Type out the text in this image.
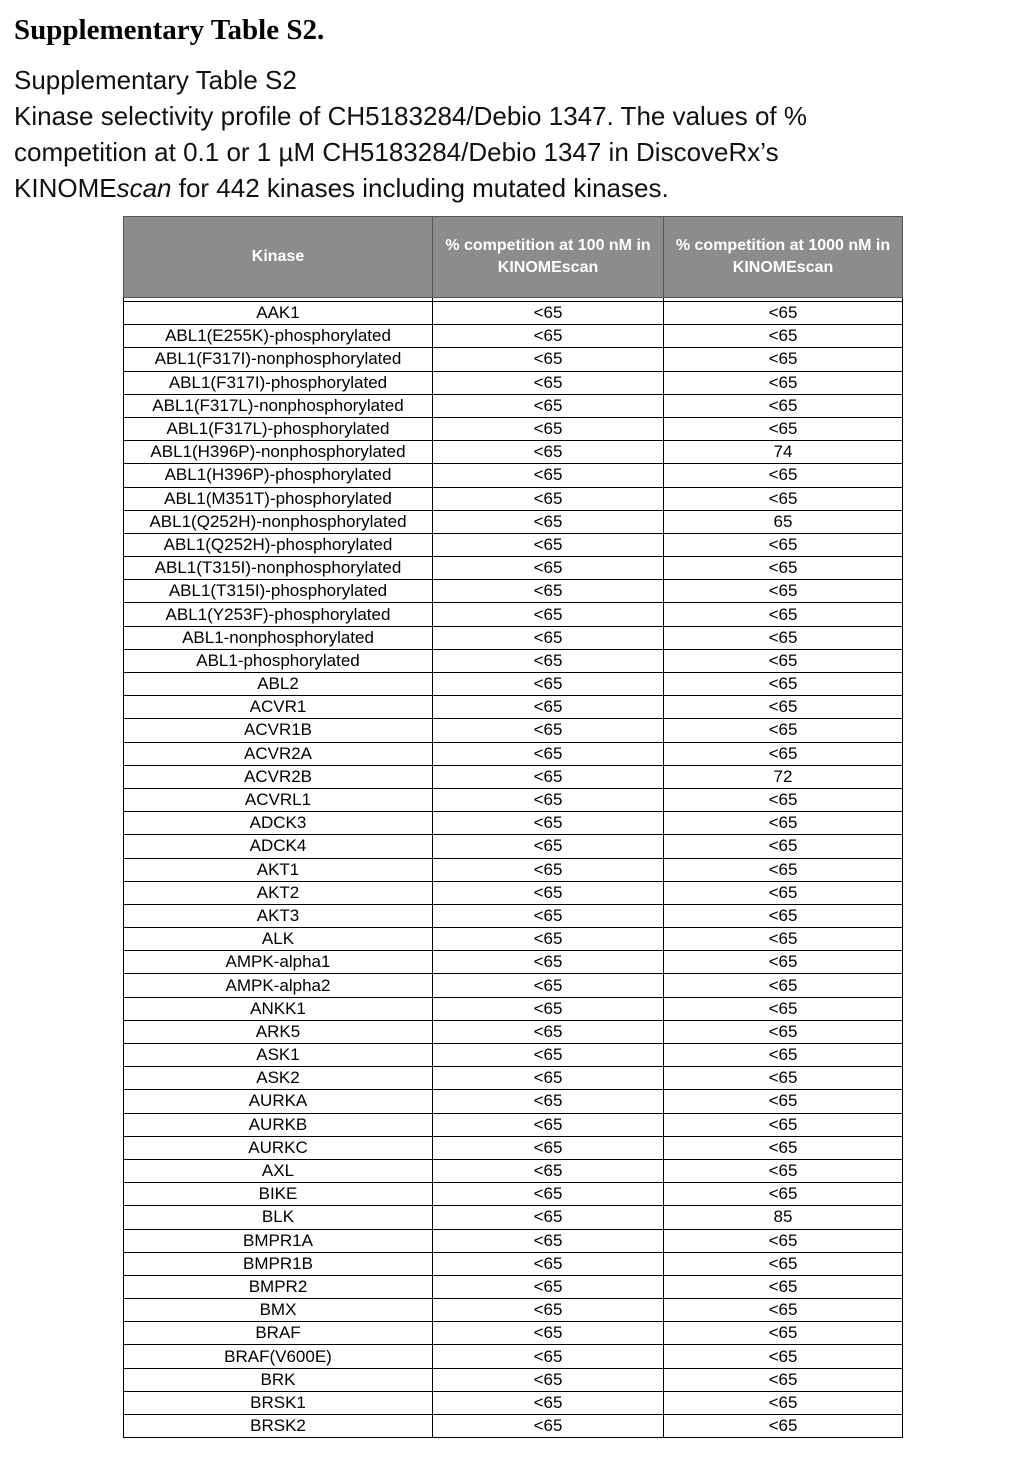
Supplementary Table S2.
Supplementary Table S2
Kinase selectivity profile of CH5183284/Debio 1347. The values of %
competition at 0.1 or 1 µM CH5183284/Debio 1347 in DiscoveRx’s
KINOMEscan for 442 kinases including mutated kinases.
Kinase	% competition at 100 nM in KINOMEscan	% competition at 1000 nM in KINOMEscan

AAK1	<65	<65
ABL1(E255K)-phosphorylated	<65	<65
ABL1(F317I)-nonphosphorylated	<65	<65
ABL1(F317I)-phosphorylated	<65	<65
ABL1(F317L)-nonphosphorylated	<65	<65
ABL1(F317L)-phosphorylated	<65	<65
ABL1(H396P)-nonphosphorylated	<65	74
ABL1(H396P)-phosphorylated	<65	<65
ABL1(M351T)-phosphorylated	<65	<65
ABL1(Q252H)-nonphosphorylated	<65	65
ABL1(Q252H)-phosphorylated	<65	<65
ABL1(T315I)-nonphosphorylated	<65	<65
ABL1(T315I)-phosphorylated	<65	<65
ABL1(Y253F)-phosphorylated	<65	<65
ABL1-nonphosphorylated	<65	<65
ABL1-phosphorylated	<65	<65
ABL2	<65	<65
ACVR1	<65	<65
ACVR1B	<65	<65
ACVR2A	<65	<65
ACVR2B	<65	72
ACVRL1	<65	<65
ADCK3	<65	<65
ADCK4	<65	<65
AKT1	<65	<65
AKT2	<65	<65
AKT3	<65	<65
ALK	<65	<65
AMPK-alpha1	<65	<65
AMPK-alpha2	<65	<65
ANKK1	<65	<65
ARK5	<65	<65
ASK1	<65	<65
ASK2	<65	<65
AURKA	<65	<65
AURKB	<65	<65
AURKC	<65	<65
AXL	<65	<65
BIKE	<65	<65
BLK	<65	85
BMPR1A	<65	<65
BMPR1B	<65	<65
BMPR2	<65	<65
BMX	<65	<65
BRAF	<65	<65
BRAF(V600E)	<65	<65
BRK	<65	<65
BRSK1	<65	<65
BRSK2	<65	<65
